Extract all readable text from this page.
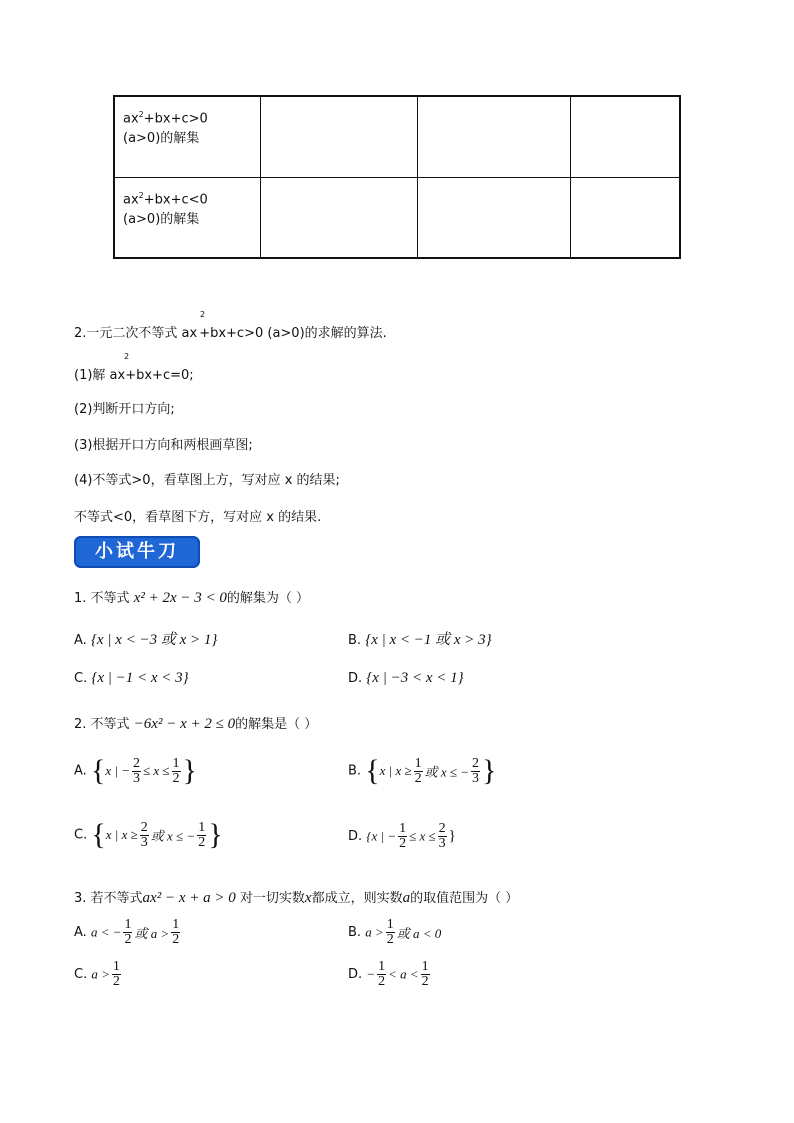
$ax^2+bx+c>0$
(a>0)的解集			
$ax^2+bx+c<0$
(a>0)的解集			
2.一元二次不等式 ax +bx+c>0 (a>0)的求解的算法.
2
(1)解 ax+bx+c=0;
2
(2)判断开口方向;
(3)根据开口方向和两根画草图;
(4)不等式>0，看草图上方，写对应 x 的结果;
不等式<0，看草图下方，写对应 x 的结果.
小试牛刀
1. 不等式 x² + 2x − 3 < 0的解集为（ ）
A. {x | x < −3 或 x > 1}	B. {x | x < −1 或 x > 3}
C. {x | −1 < x < 3}	D. {x | −3 < x < 1}
2. 不等式 −6x² − x + 2 ≤ 0的解集是（ ）
A. {x | − $\frac{2}{3} \le x \le \frac{1}{2}$ }	B. {x | $x \ge \frac{1}{2}$ 或 x ≤ − $\frac{2}{3}$ }
C. {x | $x \ge \frac{2}{3}$ 或 x ≤ − $\frac{1}{2}$ }	D. {x | − $\frac{1}{2} \le x \le \frac{2}{3}$ }
3. 若不等式ax² − x + a > 0 对一切实数x都成立，则实数a的取值范围为（ ）
A. a < − $\frac{1}{2}$ 或 $a > \frac{1}{2}$	B. $a > \frac{1}{2}$ 或 a < 0
C. $a > \frac{1}{2}$	D. − $\frac{1}{2} < a < \frac{1}{2}$
